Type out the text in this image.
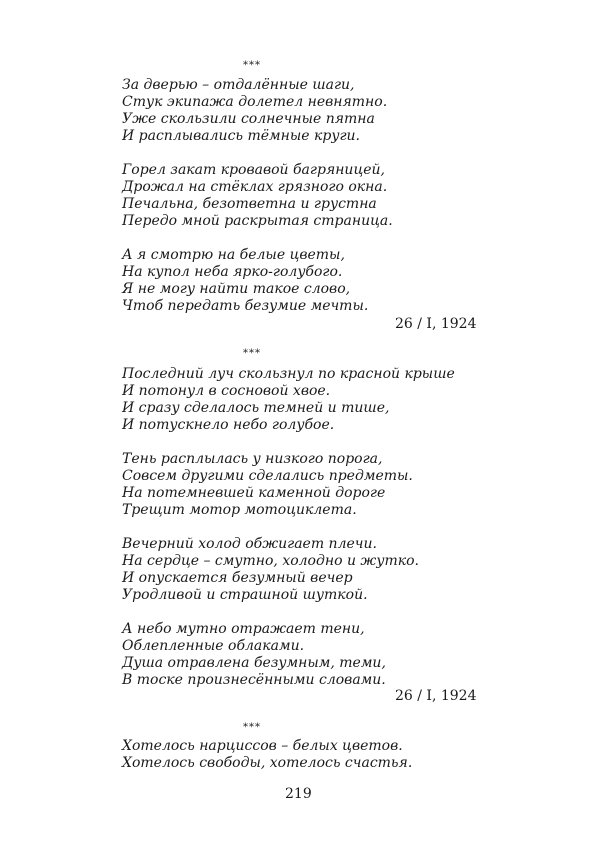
***
За дверью – отдалённые шаги,
Стук экипажа долетел невнятно.
Уже скользили солнечные пятна
И расплывались тёмные круги.
Горел закат кровавой багряницей,
Дрожал на стёклах грязного окна.
Печальна, безответна и грустна
Передо мной раскрытая страница.
А я смотрю на белые цветы,
На купол неба ярко-голубого.
Я не могу найти такое слово,
Чтоб передать безумие мечты.
26 / I, 1924
***
Последний луч скользнул по красной крыше
И потонул в сосновой хвое.
И сразу сделалось темней и тише,
И потускнело небо голубое.
Тень расплылась у низкого порога,
Совсем другими сделались предметы.
На потемневшей каменной дороге
Трещит мотор мотоциклета.
Вечерний холод обжигает плечи.
На сердце – смутно, холодно и жутко.
И опускается безумный вечер
Уродливой и страшной шуткой.
А небо мутно отражает тени,
Облепленные облаками.
Душа отравлена безумным, теми,
В тоске произнесёнными словами.
26 / I, 1924
***
Хотелось нарциссов – белых цветов.
Хотелось свободы, хотелось счастья.
219
